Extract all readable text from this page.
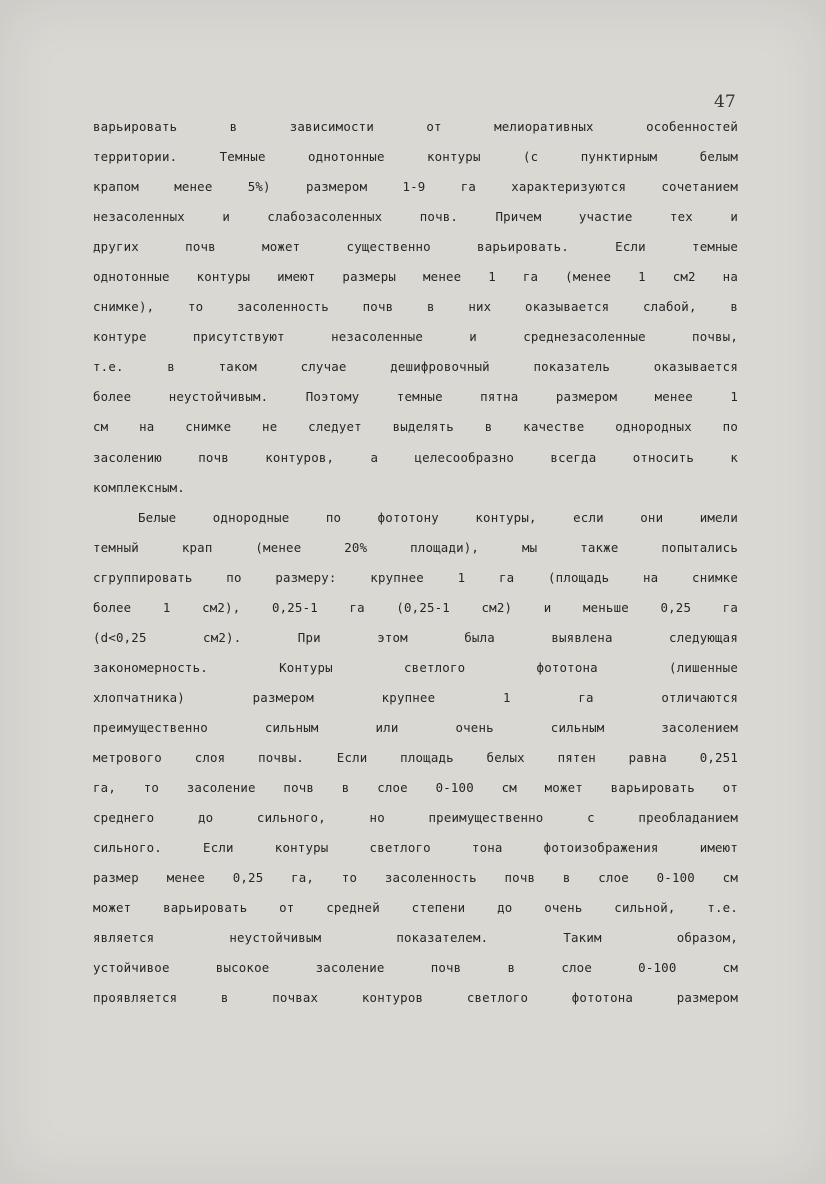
47
варьировать в зависимости от мелиоративных особенностей
территории. Темные однотонные контуры (с пунктирным белым
крапом менее 5%) размером 1-9 га характеризуются сочетанием
незасоленных и слабозасоленных почв. Причем участие тех и
других почв может существенно варьировать. Если темные
однотонные контуры имеют размеры менее 1 га (менее 1 см2 на
снимке), то засоленность почв в них оказывается слабой, в
контуре присутствуют незасоленные и среднезасоленные почвы,
т.е. в таком случае дешифровочный показатель оказывается
более неустойчивым. Поэтому темные пятна размером менее 1
см на снимке не следует выделять в качестве однородных по
засолению почв контуров, а целесообразно всегда относить к
комплексным.
Белые однородные по фототону контуры, если они имели
темный крап (менее 20% площади), мы также попытались
сгруппировать по размеру: крупнее 1 га (площадь на снимке
более 1 см2), 0,25-1 га (0,25-1 см2) и меньше 0,25 га
(d<0,25 см2). При этом была выявлена следующая
закономерность. Контуры светлого фототона (лишенные
хлопчатника) размером крупнее 1 га отличаются
преимущественно сильным или очень сильным засолением
метрового слоя почвы. Если площадь белых пятен равна 0,251
га, то засоление почв в слое 0-100 см может варьировать от
среднего до сильного, но преимущественно с преобладанием
сильного. Если контуры светлого тона фотоизображения имеют
размер менее 0,25 га, то засоленность почв в слое 0-100 см
может варьировать от средней степени до очень сильной, т.е.
является неустойчивым показателем. Таким образом,
устойчивое высокое засоление почв в слое 0-100 см
проявляется в почвах контуров светлого фототона размером
